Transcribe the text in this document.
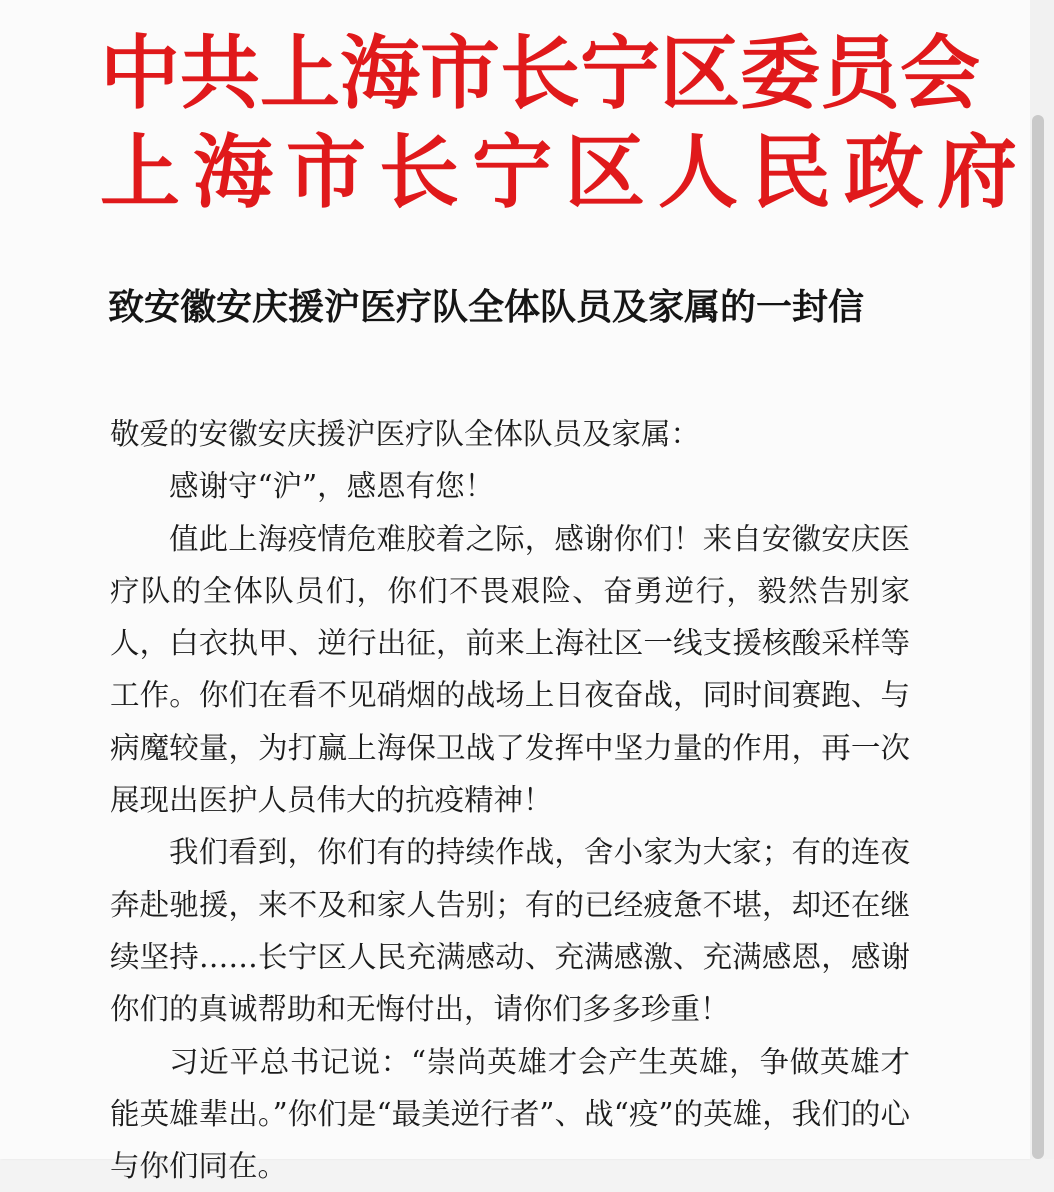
中共上海市长宁区委员会
上海市长宁区人民政府
致安徽安庆援沪医疗队全体队员及家属的一封信

敬爱的安徽安庆援沪医疗队全体队员及家属：

感谢守“沪”，感恩有您！

值此上海疫情危难胶着之际，感谢你们！来自安徽安庆医疗队的全体队员们，你们不畏艰险、奋勇逆行，毅然告别家人，白衣执甲、逆行出征，前来上海社区一线支援核酸采样等工作。你们在看不见硝烟的战场上日夜奋战，同时间赛跑、与病魔较量，为打赢上海保卫战了发挥中坚力量的作用，再一次展现出医护人员伟大的抗疫精神！

我们看到，你们有的持续作战，舍小家为大家；有的连夜奔赴驰援，来不及和家人告别；有的已经疲惫不堪，却还在继续坚持……长宁区人民充满感动、充满感激、充满感恩，感谢你们的真诚帮助和无悔付出，请你们多多珍重！

习近平总书记说：“崇尚英雄才会产生英雄，争做英雄才能英雄辈出。”你们是“最美逆行者”、战“疫”的英雄，我们的心与你们同在。
